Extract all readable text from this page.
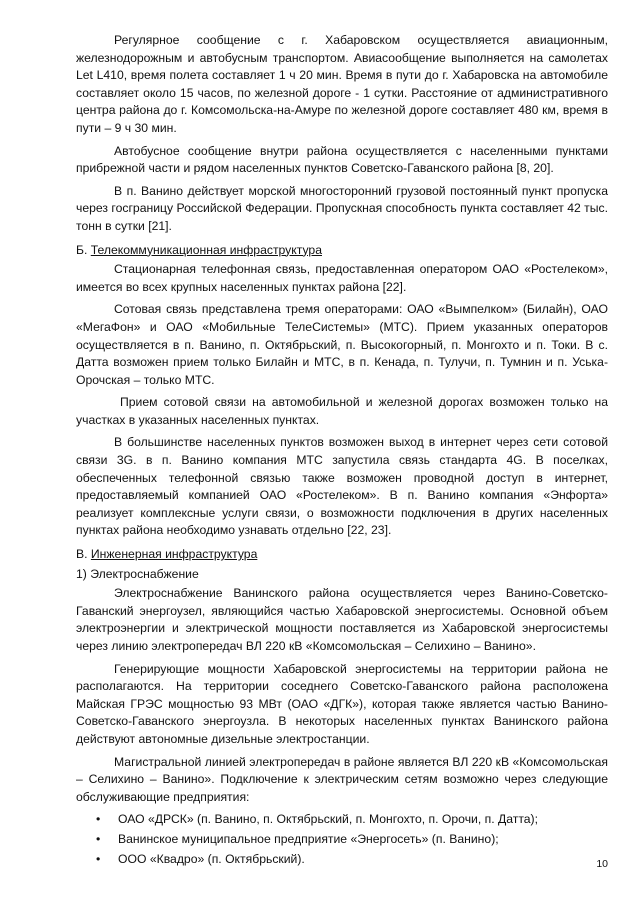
Регулярное сообщение с г. Хабаровском осуществляется авиационным, железнодорожным и автобусным транспортом. Авиасообщение выполняется на самолетах Let L410, время полета составляет 1 ч 20 мин. Время в пути до г. Хабаровска на автомобиле составляет около 15 часов, по железной дороге - 1 сутки. Расстояние от административного центра района до г. Комсомольска-на-Амуре по железной дороге составляет 480 км, время в пути – 9 ч 30 мин.

Автобусное сообщение внутри района осуществляется с населенными пунктами прибрежной части и рядом населенных пунктов Советско-Гаванского района [8, 20].

В п. Ванино действует морской многосторонний грузовой постоянный пункт пропуска через госграницу Российской Федерации. Пропускная способность пункта составляет 42 тыс. тонн в сутки [21].

Б. Телекоммуникационная инфраструктура

Стационарная телефонная связь, предоставленная оператором ОАО «Ростелеком», имеется во всех крупных населенных пунктах района [22].

Сотовая связь представлена тремя операторами: ОАО «Вымпелком» (Билайн), ОАО «МегаФон» и ОАО «Мобильные ТелеСистемы» (МТС). Прием указанных операторов осуществляется в п. Ванино, п. Октябрьский, п. Высокогорный, п. Монгохто и п. Токи. В с. Датта возможен прием только Билайн и МТС, в п. Кенада, п. Тулучи, п. Тумнин и п. Уська-Орочская – только МТС.

Прием сотовой связи на автомобильной и железной дорогах возможен только на участках в указанных населенных пунктах.

В большинстве населенных пунктов возможен выход в интернет через сети сотовой связи 3G. в п. Ванино компания МТС запустила связь стандарта 4G. В поселках, обеспеченных телефонной связью также возможен проводной доступ в интернет, предоставляемый компанией ОАО «Ростелеком». В п. Ванино компания «Энфорта» реализует комплексные услуги связи, о возможности подключения в других населенных пунктах района необходимо узнавать отдельно [22, 23].

В. Инженерная инфраструктура
1) Электроснабжение

Электроснабжение Ванинского района осуществляется через Ванино-Советско-Гаванский энергоузел, являющийся частью Хабаровской энергосистемы. Основной объем электроэнергии и электрической мощности поставляется из Хабаровской энергосистемы через линию электропередач ВЛ 220 кВ «Комсомольская – Селихино – Ванино».

Генерирующие мощности Хабаровской энергосистемы на территории района не располагаются. На территории соседнего Советско-Гаванского района расположена Майская ГРЭС мощностью 93 МВт (ОАО «ДГК»), которая также является частью Ванино-Советско-Гаванского энергоузла. В некоторых населенных пунктах Ванинского района действуют автономные дизельные электростанции.

Магистральной линией электропередач в районе является ВЛ 220 кВ «Комсомольская – Селихино – Ванино». Подключение к электрическим сетям возможно через следующие обслуживающие предприятия:

• ОАО «ДРСК» (п. Ванино, п. Октябрьский, п. Монгохто, п. Орочи, п. Датта);
• Ванинское муниципальное предприятие «Энергосеть» (п. Ванино);
• ООО «Квадро» (п. Октябрьский).	10
